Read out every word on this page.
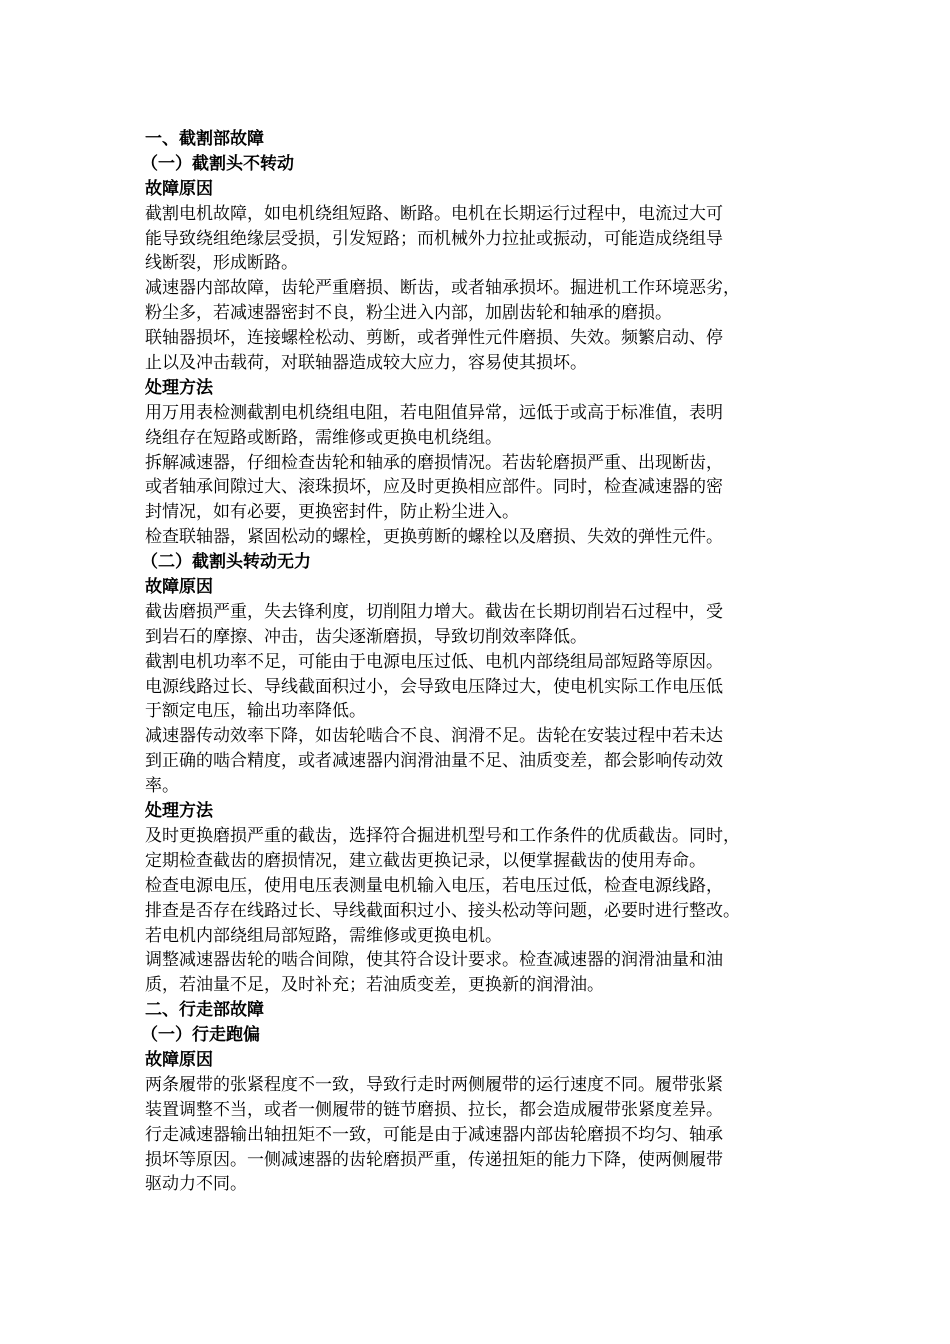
一、截割部故障
（一）截割头不转动
故障原因
截割电机故障，如电机绕组短路、断路。电机在长期运行过程中，电流过大可
能导致绕组绝缘层受损，引发短路；而机械外力拉扯或振动，可能造成绕组导
线断裂，形成断路。
减速器内部故障，齿轮严重磨损、断齿，或者轴承损坏。掘进机工作环境恶劣，
粉尘多，若减速器密封不良，粉尘进入内部，加剧齿轮和轴承的磨损。
联轴器损坏，连接螺栓松动、剪断，或者弹性元件磨损、失效。频繁启动、停
止以及冲击载荷，对联轴器造成较大应力，容易使其损坏。
处理方法
用万用表检测截割电机绕组电阻，若电阻值异常，远低于或高于标准值，表明
绕组存在短路或断路，需维修或更换电机绕组。
拆解减速器，仔细检查齿轮和轴承的磨损情况。若齿轮磨损严重、出现断齿，
或者轴承间隙过大、滚珠损坏，应及时更换相应部件。同时，检查减速器的密
封情况，如有必要，更换密封件，防止粉尘进入。
检查联轴器，紧固松动的螺栓，更换剪断的螺栓以及磨损、失效的弹性元件。
（二）截割头转动无力
故障原因
截齿磨损严重，失去锋利度，切削阻力增大。截齿在长期切削岩石过程中，受
到岩石的摩擦、冲击，齿尖逐渐磨损，导致切削效率降低。
截割电机功率不足，可能由于电源电压过低、电机内部绕组局部短路等原因。
电源线路过长、导线截面积过小，会导致电压降过大，使电机实际工作电压低
于额定电压，输出功率降低。
减速器传动效率下降，如齿轮啮合不良、润滑不足。齿轮在安装过程中若未达
到正确的啮合精度，或者减速器内润滑油量不足、油质变差，都会影响传动效
率。
处理方法
及时更换磨损严重的截齿，选择符合掘进机型号和工作条件的优质截齿。同时，
定期检查截齿的磨损情况，建立截齿更换记录，以便掌握截齿的使用寿命。
检查电源电压，使用电压表测量电机输入电压，若电压过低，检查电源线路，
排查是否存在线路过长、导线截面积过小、接头松动等问题，必要时进行整改。
若电机内部绕组局部短路，需维修或更换电机。
调整减速器齿轮的啮合间隙，使其符合设计要求。检查减速器的润滑油量和油
质，若油量不足，及时补充；若油质变差，更换新的润滑油。
二、行走部故障
（一）行走跑偏
故障原因
两条履带的张紧程度不一致，导致行走时两侧履带的运行速度不同。履带张紧
装置调整不当，或者一侧履带的链节磨损、拉长，都会造成履带张紧度差异。
行走减速器输出轴扭矩不一致，可能是由于减速器内部齿轮磨损不均匀、轴承
损坏等原因。一侧减速器的齿轮磨损严重，传递扭矩的能力下降，使两侧履带
驱动力不同。
